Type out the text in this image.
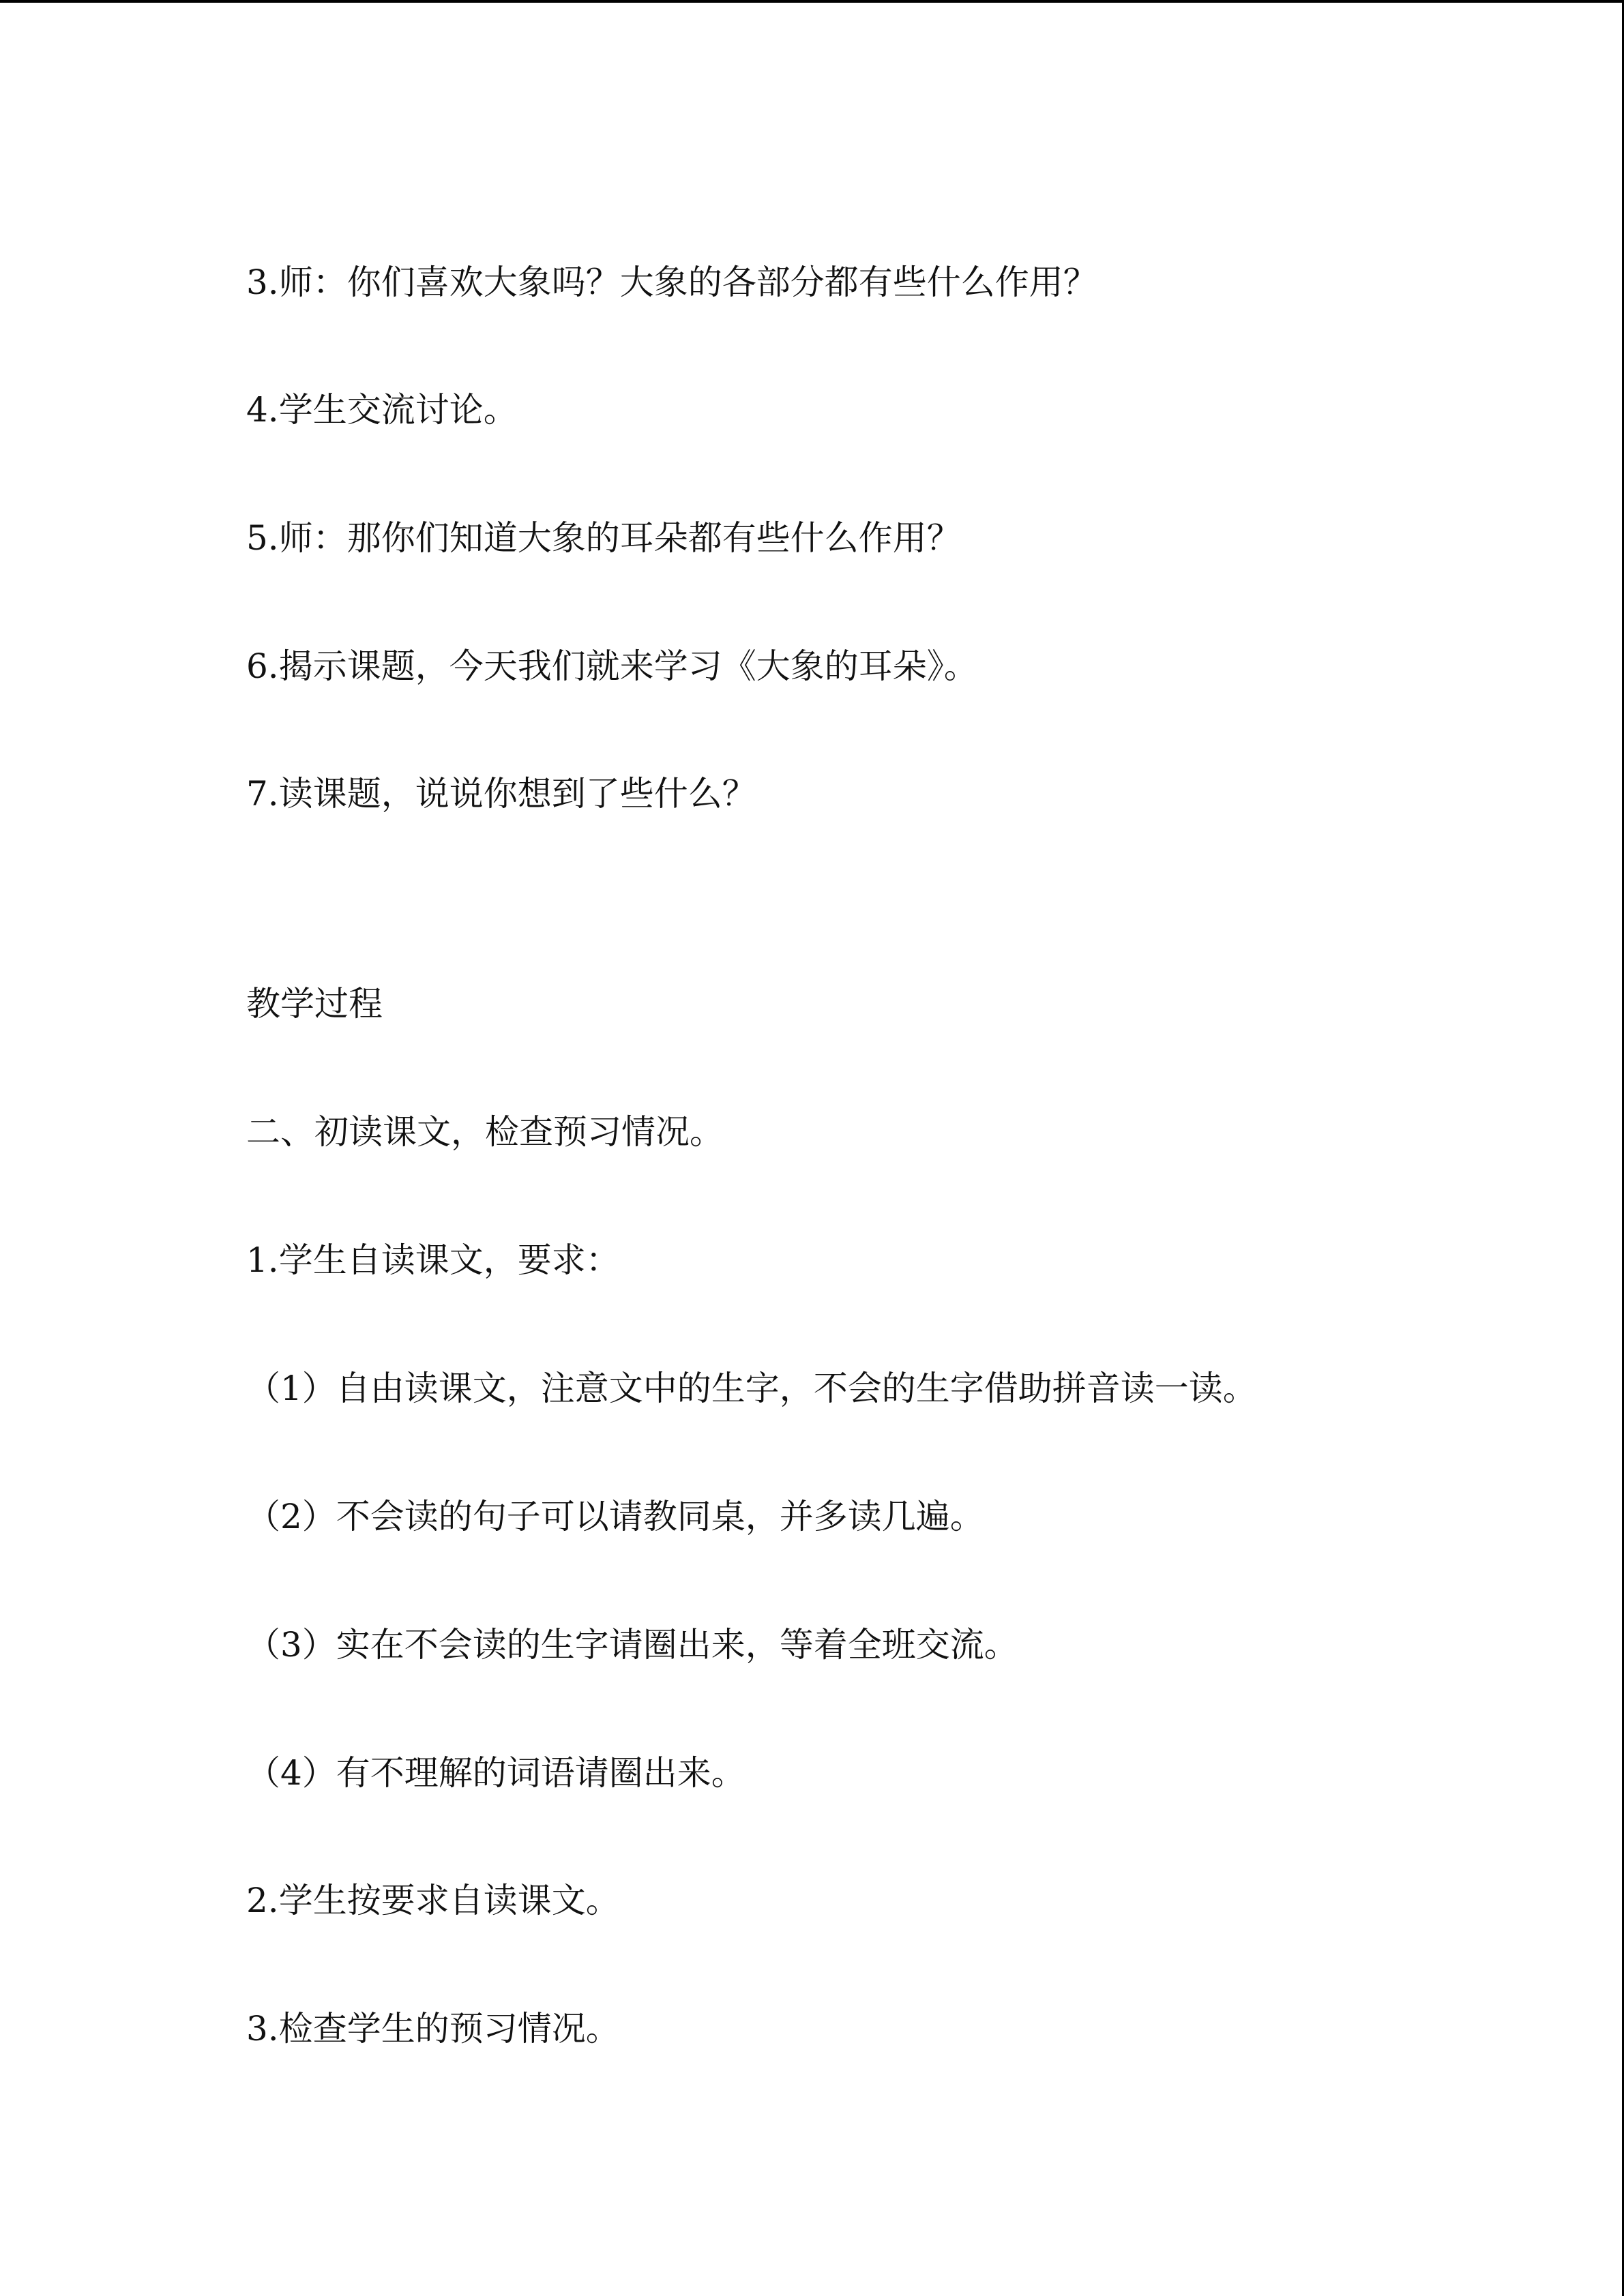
3.师：你们喜欢大象吗？大象的各部分都有些什么作用？
4.学生交流讨论。
5.师：那你们知道大象的耳朵都有些什么作用？
6.揭示课题，今天我们就来学习《大象的耳朵》。
7.读课题，说说你想到了些什么？
教学过程
二、初读课文，检查预习情况。
1.学生自读课文，要求：
（1）自由读课文，注意文中的生字，不会的生字借助拼音读一读。
（2）不会读的句子可以请教同桌，并多读几遍。
（3）实在不会读的生字请圈出来，等着全班交流。
（4）有不理解的词语请圈出来。
2.学生按要求自读课文。
3.检查学生的预习情况。
